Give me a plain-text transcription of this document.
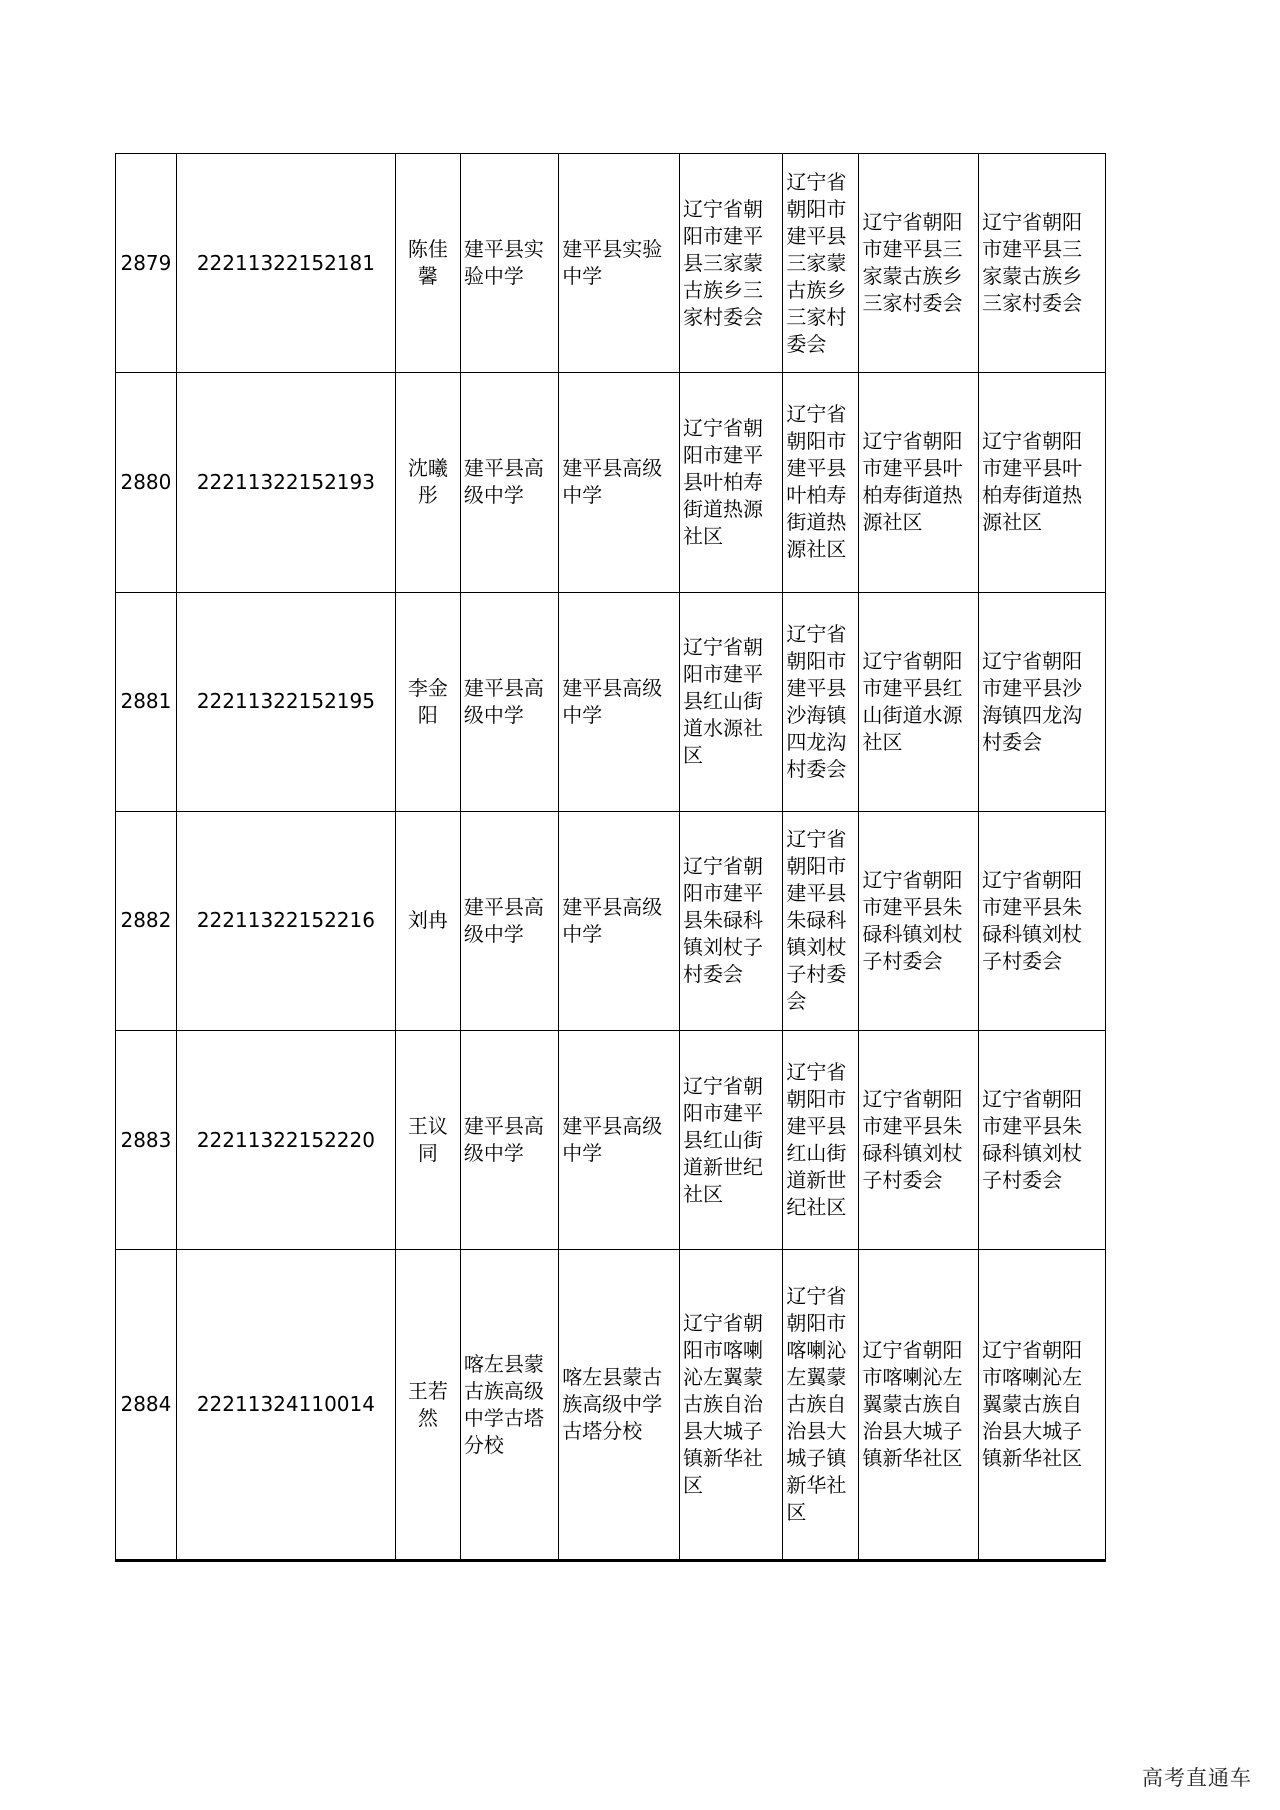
2879	22211322152181	陈佳馨	建平县实验中学	建平县实验中学	辽宁省朝阳市建平县三家蒙古族乡三家村委会	辽宁省朝阳市建平县三家蒙古族乡三家村委会	辽宁省朝阳市建平县三家蒙古族乡三家村委会	辽宁省朝阳市建平县三家蒙古族乡三家村委会
2880	22211322152193	沈曦彤	建平县高级中学	建平县高级中学	辽宁省朝阳市建平县叶柏寿街道热源社区	辽宁省朝阳市建平县叶柏寿街道热源社区	辽宁省朝阳市建平县叶柏寿街道热源社区	辽宁省朝阳市建平县叶柏寿街道热源社区
2881	22211322152195	李金阳	建平县高级中学	建平县高级中学	辽宁省朝阳市建平县红山街道水源社区	辽宁省朝阳市建平县沙海镇四龙沟村委会	辽宁省朝阳市建平县红山街道水源社区	辽宁省朝阳市建平县沙海镇四龙沟村委会
2882	22211322152216	刘冉	建平县高级中学	建平县高级中学	辽宁省朝阳市建平县朱碌科镇刘杖子村委会	辽宁省朝阳市建平县朱碌科镇刘杖子村委会	辽宁省朝阳市建平县朱碌科镇刘杖子村委会	辽宁省朝阳市建平县朱碌科镇刘杖子村委会
2883	22211322152220	王议同	建平县高级中学	建平县高级中学	辽宁省朝阳市建平县红山街道新世纪社区	辽宁省朝阳市建平县红山街道新世纪社区	辽宁省朝阳市建平县朱碌科镇刘杖子村委会	辽宁省朝阳市建平县朱碌科镇刘杖子村委会
2884	22211324110014	王若然	喀左县蒙古族高级中学古塔分校	喀左县蒙古族高级中学古塔分校	辽宁省朝阳市喀喇沁左翼蒙古族自治县大城子镇新华社区	辽宁省朝阳市喀喇沁左翼蒙古族自治县大城子镇新华社区	辽宁省朝阳市喀喇沁左翼蒙古族自治县大城子镇新华社区	辽宁省朝阳市喀喇沁左翼蒙古族自治县大城子镇新华社区
高考直通车
